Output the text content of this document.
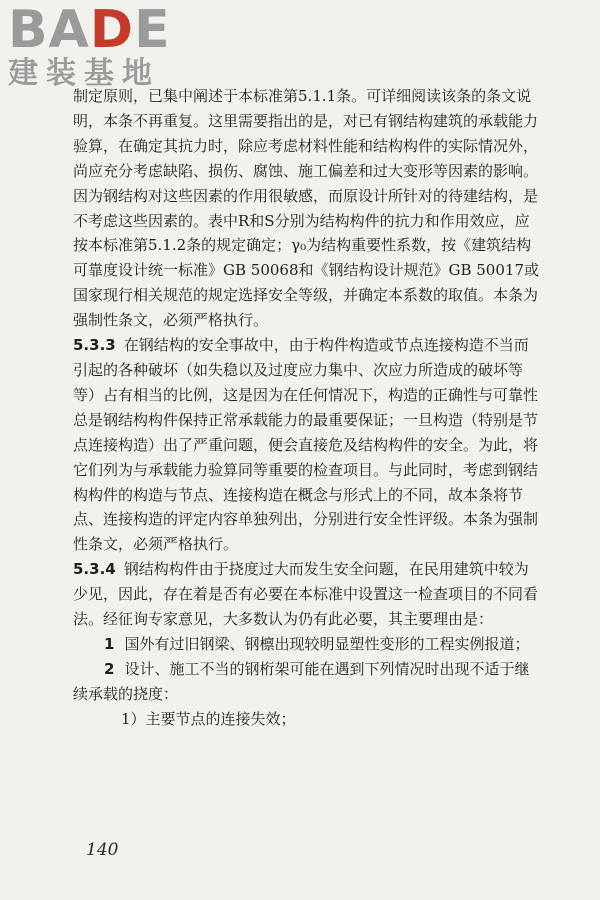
BADE
建装基地

制定原则，已集中阐述于本标准第5.1.1条。可详细阅读该条的条文说明，本条不再重复。这里需要指出的是，对已有钢结构建筑的承载能力验算，在确定其抗力时，除应考虑材料性能和结构构件的实际情况外，尚应充分考虑缺陷、损伤、腐蚀、施工偏差和过大变形等因素的影响。因为钢结构对这些因素的作用很敏感，而原设计所针对的待建结构，是不考虑这些因素的。表中R和S分别为结构构件的抗力和作用效应，应按本标准第5.1.2条的规定确定；γ₀为结构重要性系数，按《建筑结构可靠度设计统一标准》GB 50068和《钢结构设计规范》GB 50017或国家现行相关规范的规定选择安全等级，并确定本系数的取值。本条为强制性条文，必须严格执行。

5.3.3 在钢结构的安全事故中，由于构件构造或节点连接构造不当而引起的各种破坏（如失稳以及过度应力集中、次应力所造成的破坏等等）占有相当的比例，这是因为在任何情况下，构造的正确性与可靠性总是钢结构构件保持正常承载能力的最重要保证；一旦构造（特别是节点连接构造）出了严重问题，便会直接危及结构构件的安全。为此，将它们列为与承载能力验算同等重要的检查项目。与此同时，考虑到钢结构构件的构造与节点、连接构造在概念与形式上的不同，故本条将节点、连接构造的评定内容单独列出，分别进行安全性评级。本条为强制性条文，必须严格执行。

5.3.4 钢结构构件由于挠度过大而发生安全问题，在民用建筑中较为少见，因此，存在着是否有必要在本标准中设置这一检查项目的不同看法。经征询专家意见，大多数认为仍有此必要，其主要理由是：

1 国外有过旧钢梁、钢檩出现较明显塑性变形的工程实例报道；

2 设计、施工不当的钢桁架可能在遇到下列情况时出现不适于继续承载的挠度：

1）主要节点的连接失效；

140
